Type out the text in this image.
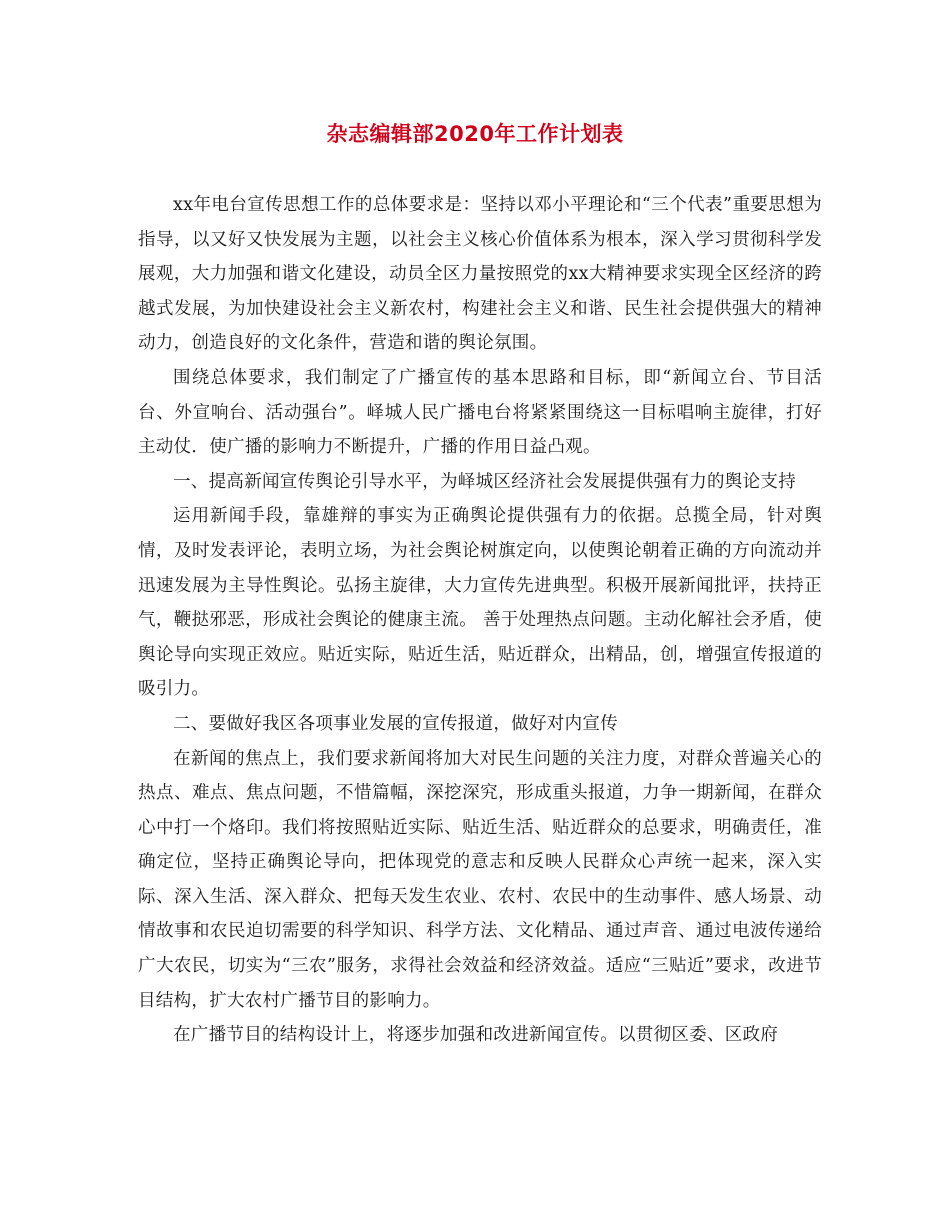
杂志编辑部2020年工作计划表

xx年电台宣传思想工作的总体要求是：坚持以邓小平理论和“三个代表”重要思想为指导，以又好又快发展为主题，以社会主义核心价值体系为根本，深入学习贯彻科学发展观，大力加强和谐文化建设，动员全区力量按照党的xx大精神要求实现全区经济的跨越式发展，为加快建设社会主义新农村，构建社会主义和谐、民生社会提供强大的精神动力，创造良好的文化条件，营造和谐的舆论氛围。

围绕总体要求，我们制定了广播宣传的基本思路和目标，即“新闻立台、节目活台、外宣响台、活动强台”。峄城人民广播电台将紧紧围绕这一目标唱响主旋律，打好主动仗．使广播的影响力不断提升，广播的作用日益凸观。

一、提高新闻宣传舆论引导水平，为峄城区经济社会发展提供强有力的舆论支持

运用新闻手段，靠雄辩的事实为正确舆论提供强有力的依据。总揽全局，针对舆情，及时发表评论，表明立场，为社会舆论树旗定向，以使舆论朝着正确的方向流动并迅速发展为主导性舆论。弘扬主旋律，大力宣传先进典型。积极开展新闻批评，扶持正气，鞭挞邪恶，形成社会舆论的健康主流。 善于处理热点问题。主动化解社会矛盾，使舆论导向实现正效应。贴近实际，贴近生活，贴近群众，出精品，创，增强宣传报道的吸引力。

二、要做好我区各项事业发展的宣传报道，做好对内宣传

在新闻的焦点上，我们要求新闻将加大对民生问题的关注力度，对群众普遍关心的热点、难点、焦点问题，不惜篇幅，深挖深究，形成重头报道，力争一期新闻，在群众心中打一个烙印。我们将按照贴近实际、贴近生活、贴近群众的总要求，明确责任，准确定位，坚持正确舆论导向，把体现党的意志和反映人民群众心声统一起来，深入实际、深入生活、深入群众、把每天发生农业、农村、农民中的生动事件、感人场景、动情故事和农民迫切需要的科学知识、科学方法、文化精品、通过声音、通过电波传递给广大农民，切实为“三农”服务，求得社会效益和经济效益。适应“三贴近”要求，改进节目结构，扩大农村广播节目的影响力。

在广播节目的结构设计上，将逐步加强和改进新闻宣传。以贯彻区委、区政府
